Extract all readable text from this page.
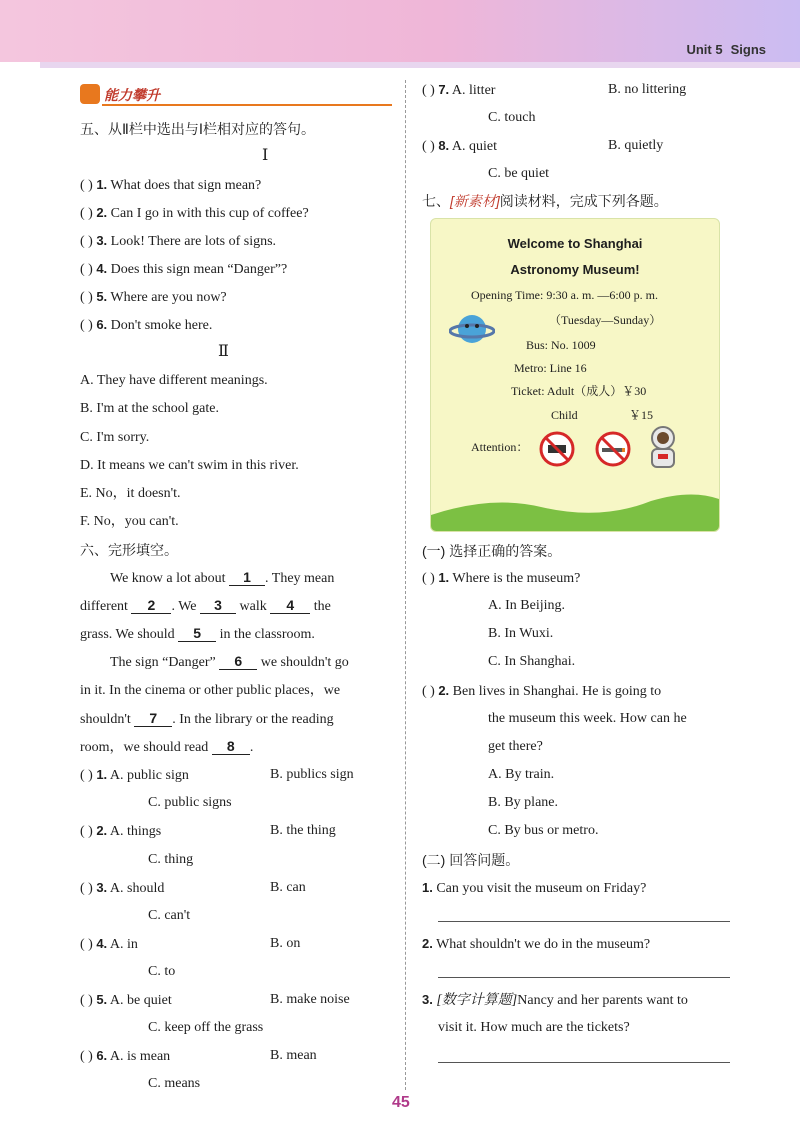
Unit 5 Signs
能力攀升
五、从Ⅱ栏中选出与Ⅰ栏相对应的答句。
Ⅰ
( ) 1. What does that sign mean?
( ) 2. Can I go in with this cup of coffee?
( ) 3. Look! There are lots of signs.
( ) 4. Does this sign mean “Danger”?
( ) 5. Where are you now?
( ) 6. Don't smoke here.
Ⅱ
A. They have different meanings.
B. I'm at the school gate.
C. I'm sorry.
D. It means we can't swim in this river.
E. No，it doesn't.
F. No，you can't.
六、完形填空。
We know a lot about 1 . They mean
different 2 . We 3 walk 4 the
grass. We should 5 in the classroom.
The sign “Danger” 6 we shouldn't go
in it. In the cinema or other public places，we
shouldn't 7 . In the library or the reading
room，we should read 8 .
( ) 1. A. public sign	B. publics sign
C. public signs
( ) 2. A. things	B. the thing
C. thing
( ) 3. A. should	B. can
C. can't
( ) 4. A. in	B. on
C. to
( ) 5. A. be quiet	B. make noise
C. keep off the grass
( ) 6. A. is mean	B. mean
C. means
( ) 7. A. litter	B. no littering
C. touch
( ) 8. A. quiet	B. quietly
C. be quiet
七、[新素材]阅读材料，完成下列各题。
Welcome to Shanghai
Astronomy Museum!
Opening Time: 9:30 a. m. —6:00 p. m.
（Tuesday—Sunday）
Bus: No. 1009
Metro: Line 16
Ticket: Adult（成人）￥30
Child	￥15
Attention：
(一) 选择正确的答案。
( ) 1. Where is the museum?
A. In Beijing.
B. In Wuxi.
C. In Shanghai.
( ) 2. Ben lives in Shanghai. He is going to
the museum this week. How can he
get there?
A. By train.
B. By plane.
C. By bus or metro.
(二) 回答问题。
1. Can you visit the museum on Friday?
2. What shouldn't we do in the museum?
3. [数字计算题]Nancy and her parents want to
visit it. How much are the tickets?
45
